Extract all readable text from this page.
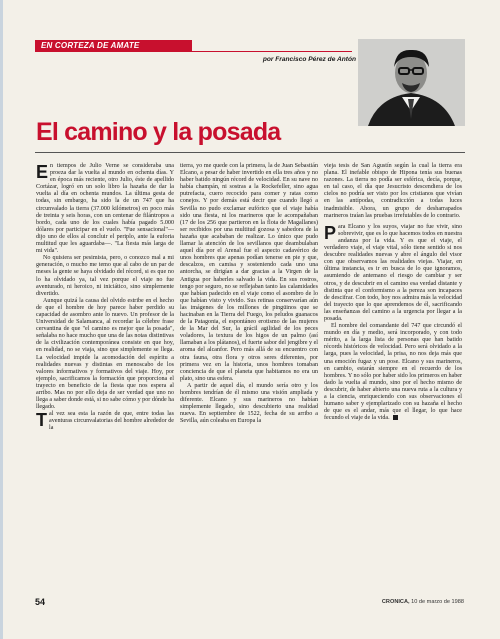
EN CORTEZA DE AMATE
por Francisco Pérez de Antón
El camino y la posada

En tiempos de Julio Verne se consideraba una proeza dar la vuelta al mundo en ochenta días. Y en época más reciente, otro Julio, éste de apellido Cortázar, logró en un solo libro la hazaña de dar la vuelta al día en ochenta mundos. La última gesta de todas, sin embargo, ha sido la de un 747 que ha circunvalado la tierra (37.000 kilómetros) en poco más de treinta y seis horas, con un centenar de filántropos a bordo, cada uno de los cuales había pagado 5.000 dólares por participar en el vuelo. "Fue sensacional"—dijo uno de ellos al concluir el periplo, ante la euforia multitud que les aguardaba—. "La fiesta más larga de mi vida".

No quisiera ser pesimista, pero, o conozco mal a mi generación, o mucho me temo que al cabo de un par de meses la gente se haya olvidado del récord, si es que no lo ha olvidado ya, tal vez porque el viaje no fue aventurado, ni heroico, ni iniciático, sino simplemente divertido.

Aunque quizá la causa del olvido estribe en el hecho de que el hombre de hoy parece haber perdido su capacidad de asombro ante lo nuevo. Un profesor de la Universidad de Salamanca, al recordar la célebre frase cervantina de que "el camino es mejor que la posada", señalaba no hace mucho que una de las notas distintivas de la civilización contemporánea consiste en que hoy, en realidad, no se viaja, sino que simplemente se llega. La velocidad impide la acomodación del espíritu a realidades nuevas y distintas en menoscabo de los valores informativos y formativos del viaje. Hoy, por ejemplo, sacrificamos la formación que proporciona el trayecto en beneficio de la fiesta que nos espera al arribo. Mas no por ello deja de ser verdad que uno no llega a saber donde está, si no sabe cómo y por dónde ha llegado.

Tal vez sea esta la razón de que, entre todas las aventuras circunvalatorias del hombre alrededor de la

tierra, yo me quede con la primera, la de Juan Sebastián Elcano, a pesar de haber invertido en ella tres años y no haber batido ningún récord de velocidad. En su nave no había champán, ni sostras a la Rockefeller, sino agua putrefacta, cuero recocido para comer y ratas como conejos. Y por demás está decir que cuando llegó a Sevilla no pudo exclamar eufórico que el viaje había sido una fiesta, ni los marineros que le acompañaban (17 de los 256 que partieron en la flota de Magallanes) ser recibidos por una multitud gozosa y sabedora de la hazaña que acababan de realizar. Lo único que pudo llamar la atención de los sevillanos que deambulaban aquel día por el Arenal fue el aspecto cadavérico de unos hombres que apenas podían tenerse en pie y que, descalzos, en camisa y sosteniendo cada uno una antorcha, se dirigían a dar gracias a la Virgen de la Antigua por haberles salvado la vida. En sus rostros, tengo por seguro, no se reflejaban tanto las calamidades que habían padecido en el viaje como el asombro de lo que habían visto y vivido. Sus retinas conservarían aún las imágenes de los millones de pingüinos que se hacinaban en la Tierra del Fuego, los peludos guanacos de la Patagonia, el espontáneo erotismo de las mujeres de la Mar del Sur, la grácil agilidad de los peces voladores, la textura de los higos de un palmo (así llamaban a los plátanos), el fuerte sabor del jengibre y el aroma del alcanfor. Pero más allá de su encuentro con otra fauna, otra flora y otros seres diferentes, por primera vez en la historia, unos hombres tomaban conciencia de que el planeta que habitamos no era un plato, sino una esfera.

A partir de aquel día, el mundo sería otro y los hombres tendrían de él mismo una visión ampliada y diferente. Elcano y sus marineros no habían simplemente llegado, sino descubierto una realidad nueva. En septiembre de 1522, fecha de su arribo a Sevilla, aún coleaba en Europa la

vieja tesis de San Agustín según la cual la tierra era plana. El inefable obispo de Hipona tenía sus buenas razones. La tierra no podía ser esférica, decía, porque, en tal caso, el día que Jesucristo descendiera de los cielos no podría ser visto por los cristianos que vivían en las antípodas, contradicción a todas luces inadmisible. Ahora, un grupo de desharrapados marineros traían las pruebas irrefutables de lo contrario.

Para Elcano y los suyos, viajar no fue vivir, sino sobrevivir, que es lo que hacemos todos en nuestra andanza por la vida. Y es que el viaje, el verdadero viaje, el viaje vital, sólo tiene sentido si nos descubre realidades nuevas y abre el ángulo del visor con que observamos las realidades viejas. Viajar, en última instancia, es ir en busca de lo que ignoramos, asumiendo de antemano el riesgo de cambiar y ser otros, y de descubrir en el camino esa verdad distante y distinta que el conformismo a la pereza son incapaces de descifrar. Con todo, hoy nos admira más la velocidad del trayecto que lo que aprendemos de él, sacrificando las enseñanzas del camino a la urgencia por llegar a la posada.

El nombre del comandante del 747 que circundó el mundo en día y medio, será incorporado, y con todo mérito, a la larga lista de personas que han batido récords históricos de velocidad. Pero será olvidado a la larga, pues la velocidad, la prisa, no nos deja más que una emoción fugaz y un pose. Elcano y sus marineros, en cambio, estarán siempre en el recuerdo de los hombres. Y no sólo por haber sido los primeros en haber dado la vuelta al mundo, sino por el hecho mismo de descubrir, de haber abierto una nueva ruta a la cultura y a la ciencia, enriqueciendo con sus observaciones el humano saber y ejemplarizado con su hazaña el hecho de que es el andar, más que el llegar, lo que hace fecundo el viaje de la vida.

54	CRONICA, 10 de marzo de 1988
